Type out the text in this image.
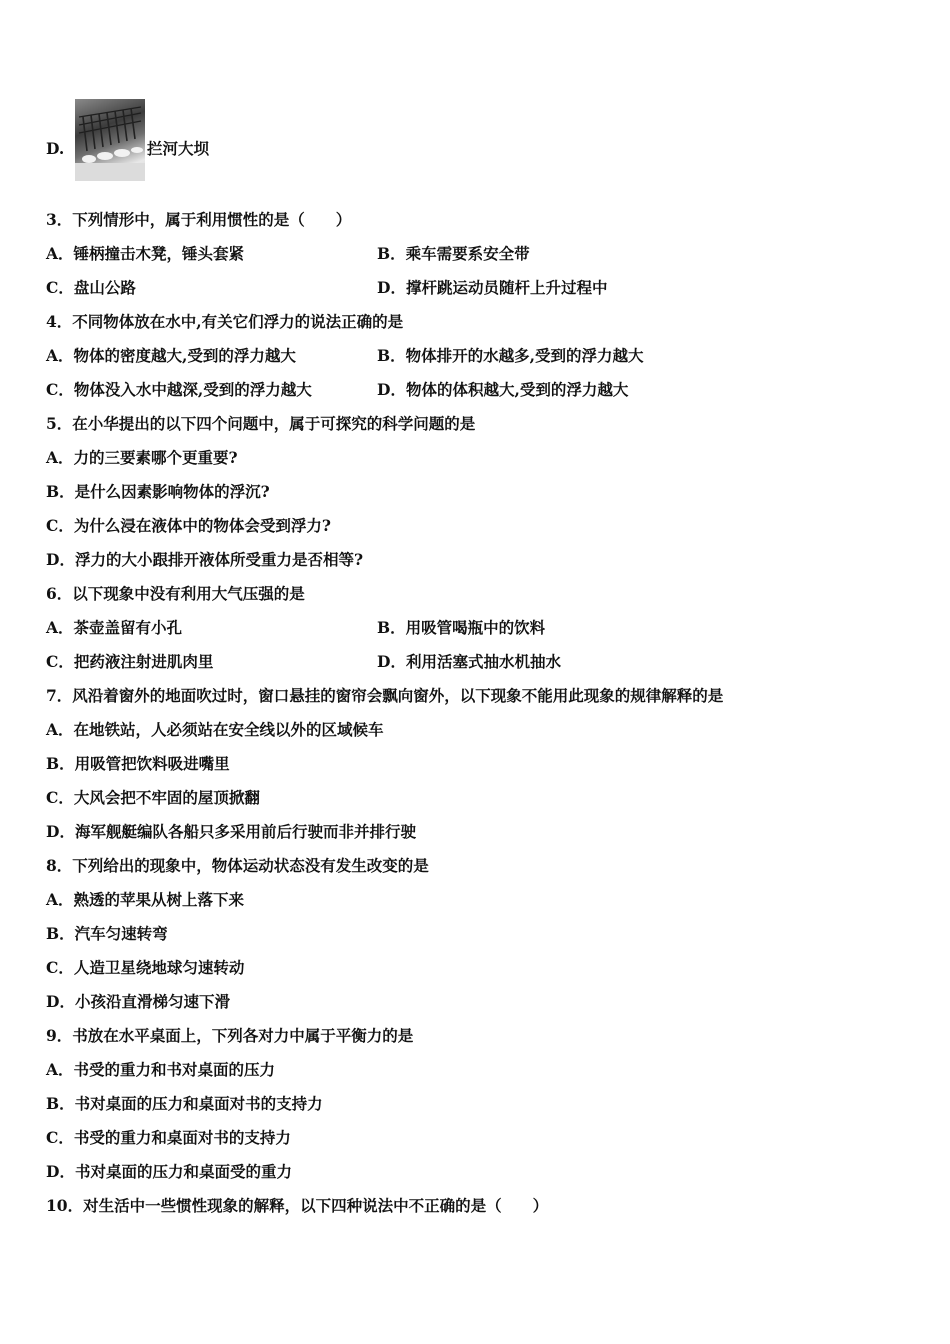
D.	拦河大坝
3．下列情形中，属于利用惯性的是（　　）
A．锤柄撞击木凳，锤头套紧	B．乘车需要系安全带
C．盘山公路	D．撑杆跳运动员随杆上升过程中
4．不同物体放在水中,有关它们浮力的说法正确的是
A．物体的密度越大,受到的浮力越大	B．物体排开的水越多,受到的浮力越大
C．物体没入水中越深,受到的浮力越大	D．物体的体积越大,受到的浮力越大
5．在小华提出的以下四个问题中，属于可探究的科学问题的是
A．力的三要素哪个更重要?
B．是什么因素影响物体的浮沉?
C．为什么浸在液体中的物体会受到浮力?
D．浮力的大小跟排开液体所受重力是否相等?
6．以下现象中没有利用大气压强的是
A．茶壶盖留有小孔	B．用吸管喝瓶中的饮料
C．把药液注射进肌肉里	D．利用活塞式抽水机抽水
7．风沿着窗外的地面吹过时，窗口悬挂的窗帘会飘向窗外，以下现象不能用此现象的规律解释的是
A．在地铁站，人必须站在安全线以外的区域候车
B．用吸管把饮料吸进嘴里
C．大风会把不牢固的屋顶掀翻
D．海军舰艇编队各船只多采用前后行驶而非并排行驶
8．下列给出的现象中，物体运动状态没有发生改变的是
A．熟透的苹果从树上落下来
B．汽车匀速转弯
C．人造卫星绕地球匀速转动
D．小孩沿直滑梯匀速下滑
9．书放在水平桌面上，下列各对力中属于平衡力的是
A．书受的重力和书对桌面的压力
B．书对桌面的压力和桌面对书的支持力
C．书受的重力和桌面对书的支持力
D．书对桌面的压力和桌面受的重力
10．对生活中一些惯性现象的解释，以下四种说法中不正确的是（　　）
